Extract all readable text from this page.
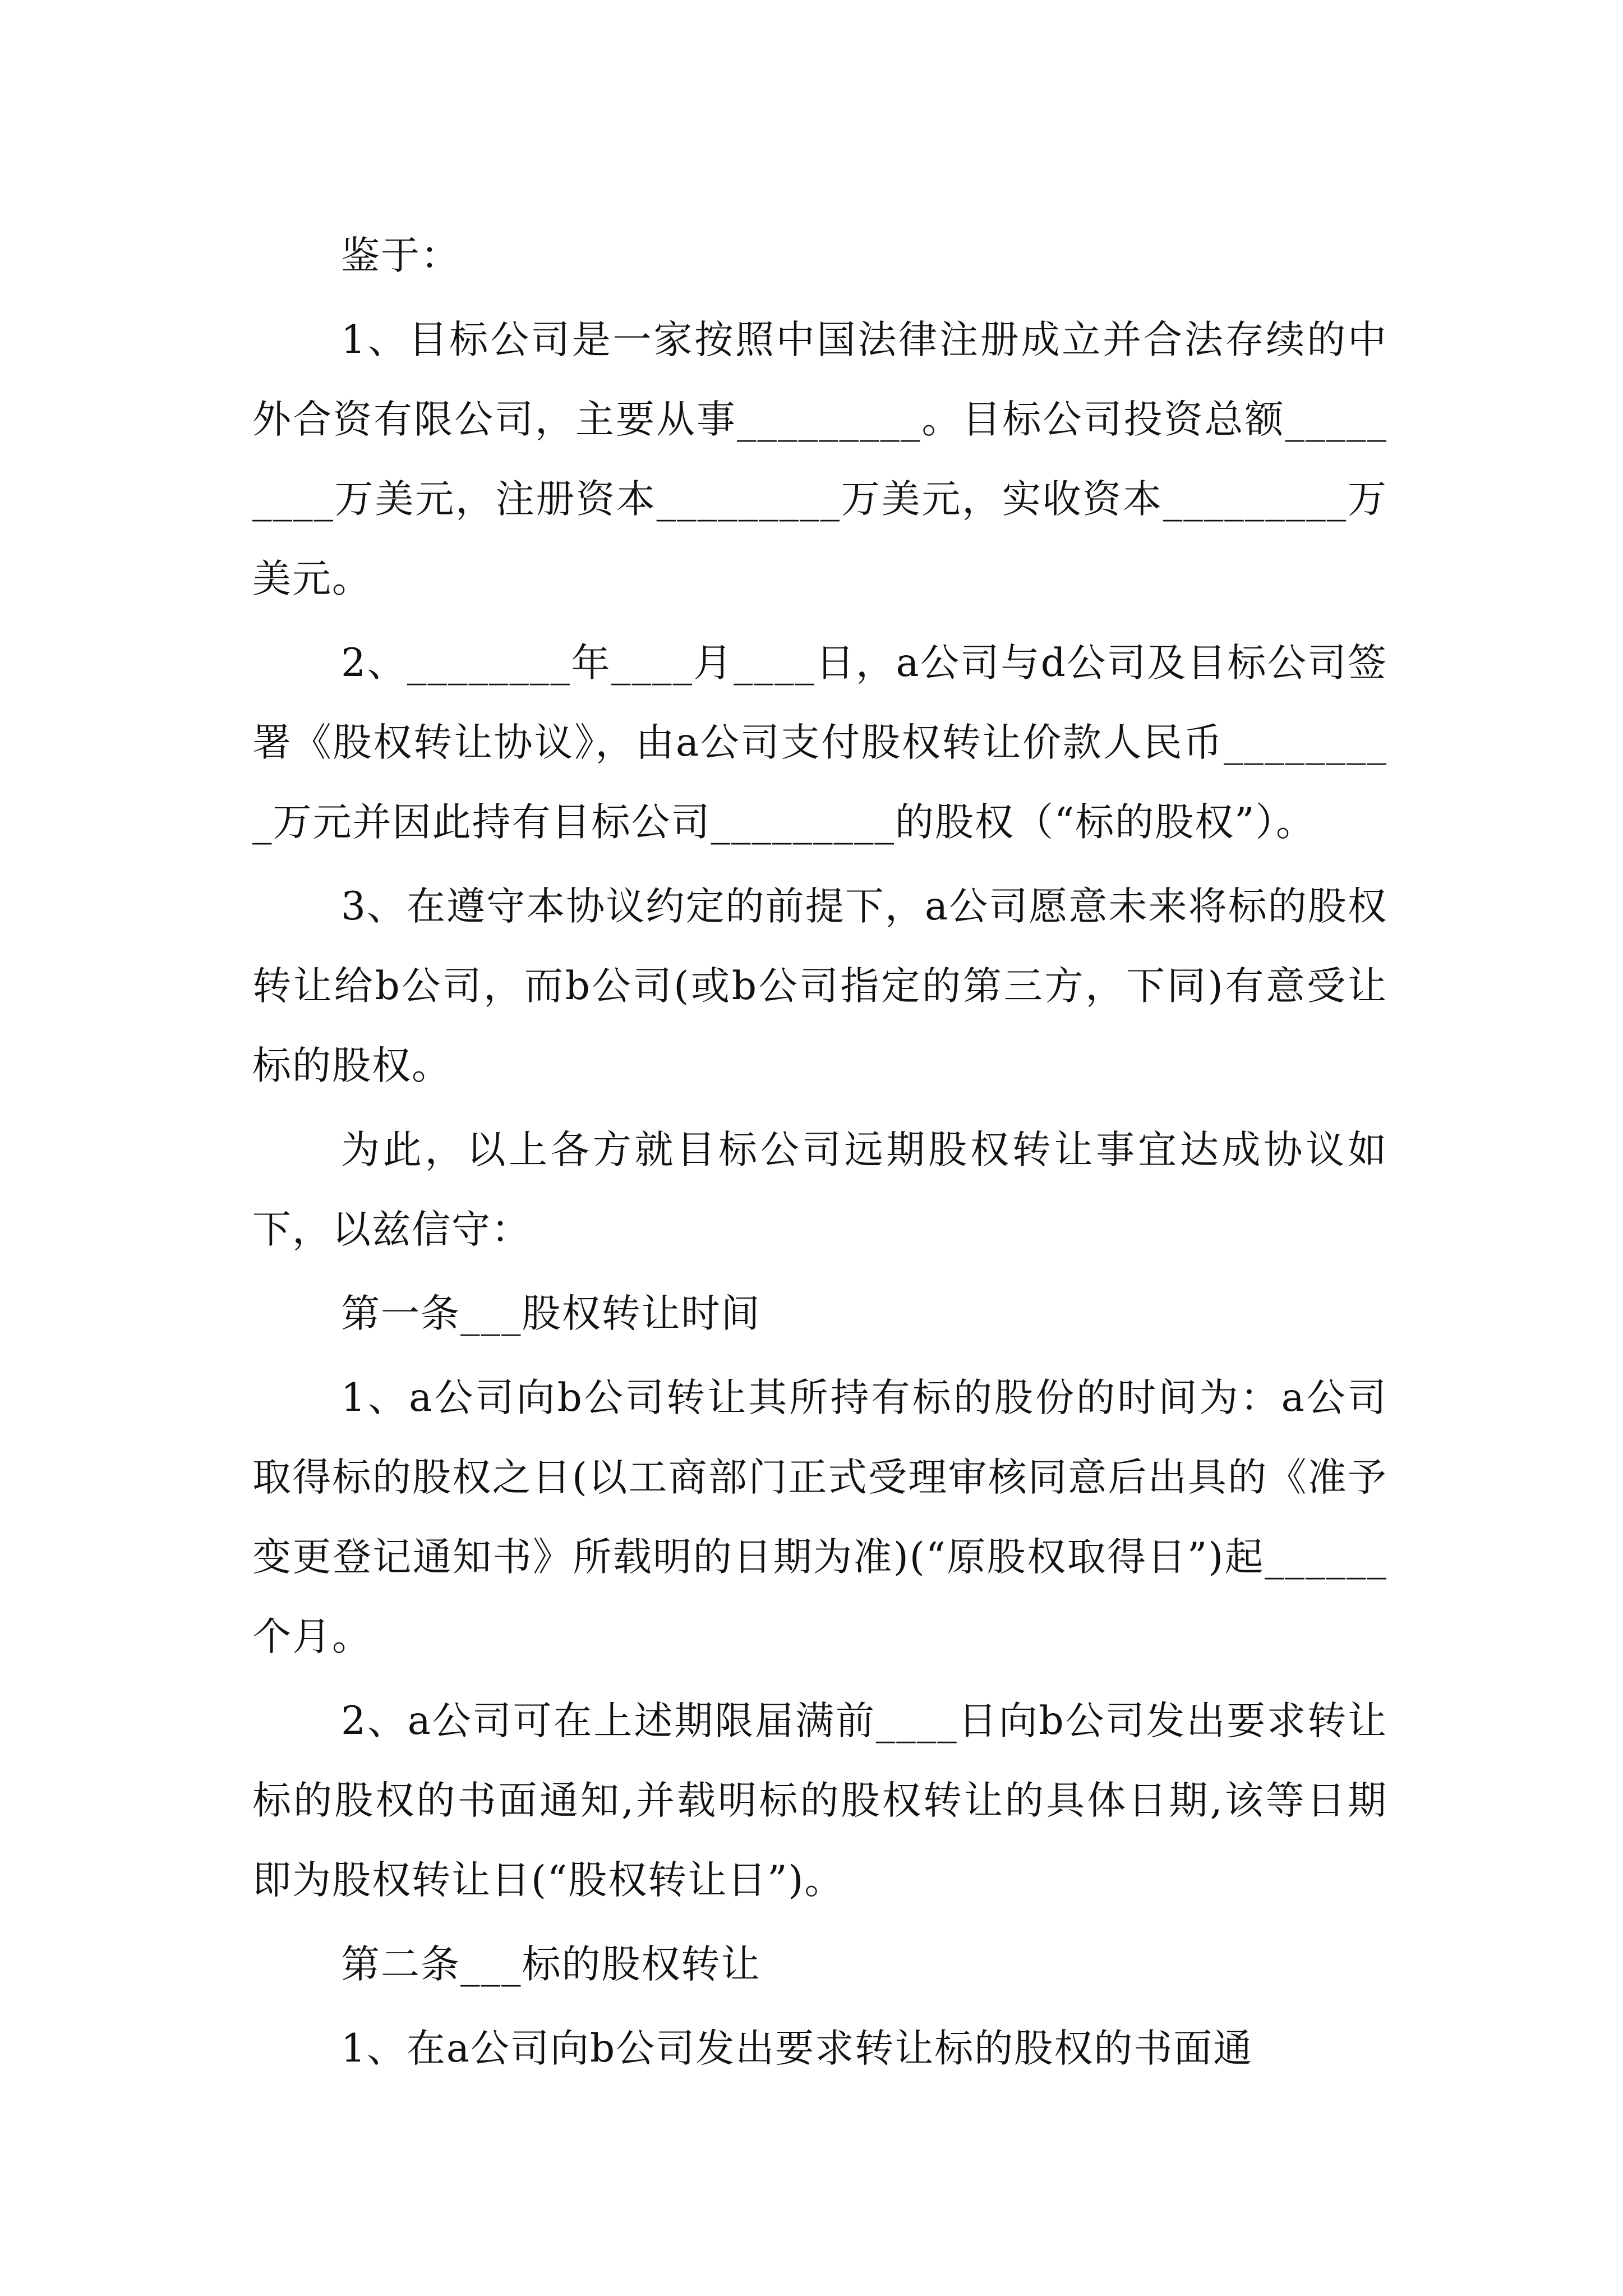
鉴于：

1、目标公司是一家按照中国法律注册成立并合法存续的中外合资有限公司，主要从事_________。目标公司投资总额_________万美元，注册资本_________万美元，实收资本_________万美元。

2、________年____月____日，a公司与d公司及目标公司签署《股权转让协议》，由a公司支付股权转让价款人民币_________万元并因此持有目标公司_________的股权（“标的股权”）。

3、在遵守本协议约定的前提下，a公司愿意未来将标的股权转让给b公司，而b公司(或b公司指定的第三方，下同)有意受让标的股权。

为此，以上各方就目标公司远期股权转让事宜达成协议如下，以兹信守：

第一条___股权转让时间

1、a公司向b公司转让其所持有标的股份的时间为：a公司取得标的股权之日(以工商部门正式受理审核同意后出具的《准予变更登记通知书》所载明的日期为准)(“原股权取得日”)起______个月。

2、a公司可在上述期限届满前____日向b公司发出要求转让标的股权的书面通知,并载明标的股权转让的具体日期,该等日期即为股权转让日(“股权转让日”)。

第二条___标的股权转让

1、在a公司向b公司发出要求转让标的股权的书面通
